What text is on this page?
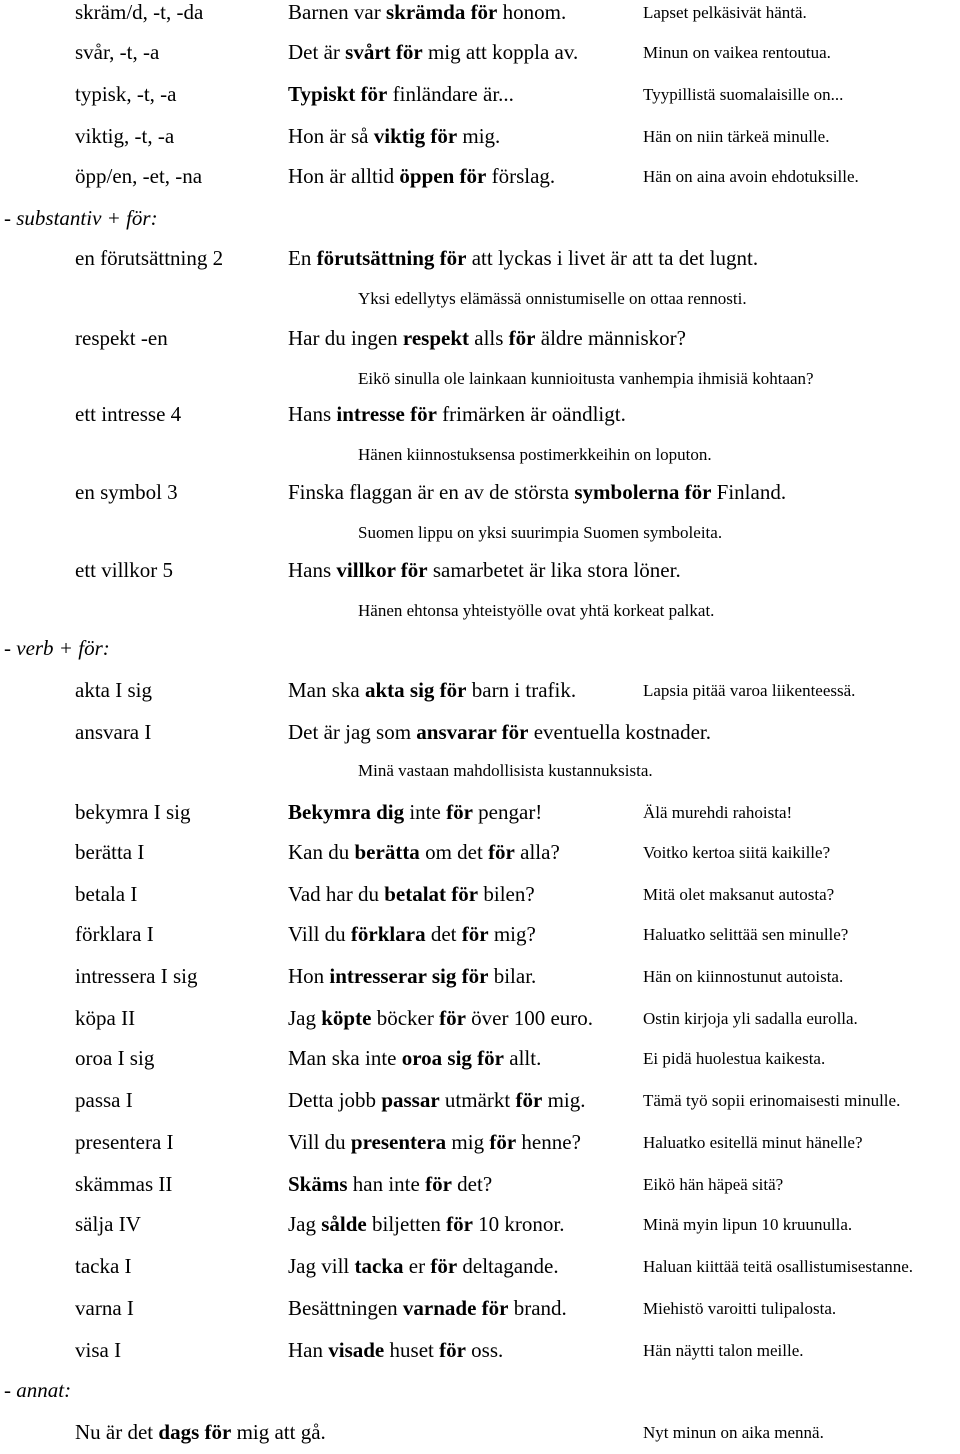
skräm/d, -t, -da	Barnen var skrämda för honom.	Lapset pelkäsivät häntä.
svår, -t, -a	Det är svårt för mig att koppla av.	Minun on vaikea rentoutua.
typisk, -t, -a	Typiskt för finländare är...	Tyypillistä suomalaisille on...
viktig, -t, -a	Hon är så viktig för mig.	Hän on niin tärkeä minulle.
öpp/en, -et, -na	Hon är alltid öppen för förslag.	Hän on aina avoin ehdotuksille.
- substantiv + för:
en förutsättning 2	En förutsättning för att lyckas i livet är att ta det lugnt.
Yksi edellytys elämässä onnistumiselle on ottaa rennosti.
respekt -en	Har du ingen respekt alls för äldre människor?
Eikö sinulla ole lainkaan kunnioitusta vanhempia ihmisiä kohtaan?
ett intresse 4	Hans intresse för frimärken är oändligt.
Hänen kiinnostuksensa postimerkkeihin on loputon.
en symbol 3	Finska flaggan är en av de största symbolerna för Finland.
Suomen lippu on yksi suurimpia Suomen symboleita.
ett villkor 5	Hans villkor för samarbetet är lika stora löner.
Hänen ehtonsa yhteistyölle ovat yhtä korkeat palkat.
- verb + för:
akta I sig	Man ska akta sig för barn i trafik.	Lapsia pitää varoa liikenteessä.
ansvara I	Det är jag som ansvarar för eventuella kostnader.
Minä vastaan mahdollisista kustannuksista.
bekymra I sig	Bekymra dig inte för pengar!	Älä murehdi rahoista!
berätta I	Kan du berätta om det för alla?	Voitko kertoa siitä kaikille?
betala I	Vad har du betalat för bilen?	Mitä olet maksanut autosta?
förklara I	Vill du förklara det för mig?	Haluatko selittää sen minulle?
intressera I sig	Hon intresserar sig för bilar.	Hän on kiinnostunut autoista.
köpa II	Jag köpte böcker för över 100 euro.	Ostin kirjoja yli sadalla eurolla.
oroa I sig	Man ska inte oroa sig för allt.	Ei pidä huolestua kaikesta.
passa I	Detta jobb passar utmärkt för mig.	Tämä työ sopii erinomaisesti minulle.
presentera I	Vill du presentera mig för henne?	Haluatko esitellä minut hänelle?
skämmas II	Skäms han inte för det?	Eikö hän häpeä sitä?
sälja IV	Jag sålde biljetten för 10 kronor.	Minä myin lipun 10 kruunulla.
tacka I	Jag vill tacka er för deltagande.	Haluan kiittää teitä osallistumisestanne.
varna I	Besättningen varnade för brand.	Miehistö varoitti tulipalosta.
visa I	Han visade huset för oss.	Hän näytti talon meille.
- annat:
Nu är det dags för mig att gå.	Nyt minun on aika mennä.
